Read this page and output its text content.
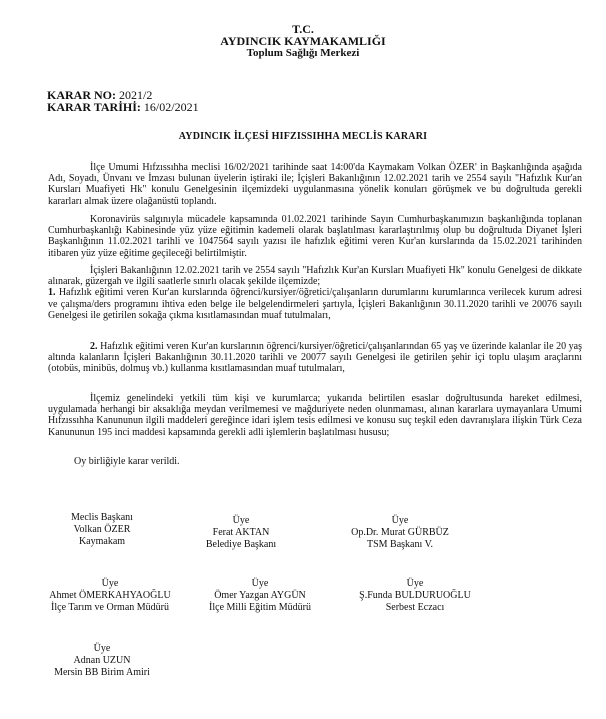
T.C.
AYDINCIK KAYMAKAMLIĞI
Toplum Sağlığı Merkezi
KARAR NO: 2021/2
KARAR TARİHİ: 16/02/2021
AYDINCIK İLÇESİ HIFZISSIHHA MECLİS KARARI

İlçe Umumi Hıfzıssıhha meclisi 16/02/2021 tarihinde saat 14:00'da Kaymakam Volkan ÖZER' in Başkanlığında aşağıda Adı, Soyadı, Ünvanı ve İmzası bulunan üyelerin iştiraki ile; İçişleri Bakanlığının 12.02.2021 tarih ve 2554 sayılı "Hafızlık Kur'an Kursları Muafiyeti Hk" konulu Genelgesinin ilçemizdeki uygulanmasına yönelik konuları görüşmek ve bu doğrultuda gerekli kararları almak üzere olağanüstü toplandı.

Koronavirüs salgınıyla mücadele kapsamında 01.02.2021 tarihinde Sayın Cumhurbaşkanımızın başkanlığında toplanan Cumhurbaşkanlığı Kabinesinde yüz yüze eğitimin kademeli olarak başlatılması kararlaştırılmış olup bu doğrultuda Diyanet İşleri Başkanlığının 11.02.2021 tarihli ve 1047564 sayılı yazısı ile hafızlık eğitimi veren Kur'an kurslarında da 15.02.2021 tarihinden itibaren yüz yüze eğitime geçileceği belirtilmiştir.

İçişleri Bakanlığının 12.02.2021 tarih ve 2554 sayılı "Hafızlık Kur'an Kursları Muafiyeti Hk" konulu Genelgesi de dikkate alınarak, güzergah ve ilgili saatlerle sınırlı olacak şekilde ilçemizde;
1. Hafızlık eğitimi veren Kur'an kurslarında öğrenci/kursiyer/öğretici/çalışanların durumlarını kurumlarınca verilecek kurum adresi ve çalışma/ders programını ihtiva eden belge ile belgelendirmeleri şartıyla, İçişleri Bakanlığının 30.11.2020 tarihli ve 20076 sayılı Genelgesi ile getirilen sokağa çıkma kısıtlamasından muaf tutulmaları,
2. Hafızlık eğitimi veren Kur'an kurslarının öğrenci/kursiyer/öğretici/çalışanlarından 65 yaş ve üzerinde kalanlar ile 20 yaş altında kalanların İçişleri Bakanlığının 30.11.2020 tarihli ve 20077 sayılı Genelgesi ile getirilen şehir içi toplu ulaşım araçlarını (otobüs, minibüs, dolmuş vb.) kullanma kısıtlamasından muaf tutulmaları,

İlçemiz genelindeki yetkili tüm kişi ve kurumlarca; yukarıda belirtilen esaslar doğrultusunda hareket edilmesi, uygulamada herhangi bir aksaklığa meydan verilmemesi ve mağduriyete neden olunmaması, alınan kararlara uymayanlara Umumi Hıfzıssıhha Kanununun ilgili maddeleri gereğince idari işlem tesis edilmesi ve konusu suç teşkil eden davranışlara ilişkin Türk Ceza Kanununun 195 inci maddesi kapsamında gerekli adli işlemlerin başlatılması hususu;

Oy birliğiyle karar verildi.

Meclis Başkanı
Volkan ÖZER
Kaymakam
Üye
Ferat AKTAN
Belediye Başkanı
Üye
Op.Dr. Murat GÜRBÜZ
TSM Başkanı V.
Üye
Ahmet ÖMERKAHYAOĞLU
İlçe Tarım ve Orman Müdürü
Üye
Ömer Yazgan AYGÜN
İlçe Milli Eğitim Müdürü
Üye
Ş.Funda BULDURUOĞLU
Serbest Eczacı
Üye
Adnan UZUN
Mersin BB Birim Amiri
